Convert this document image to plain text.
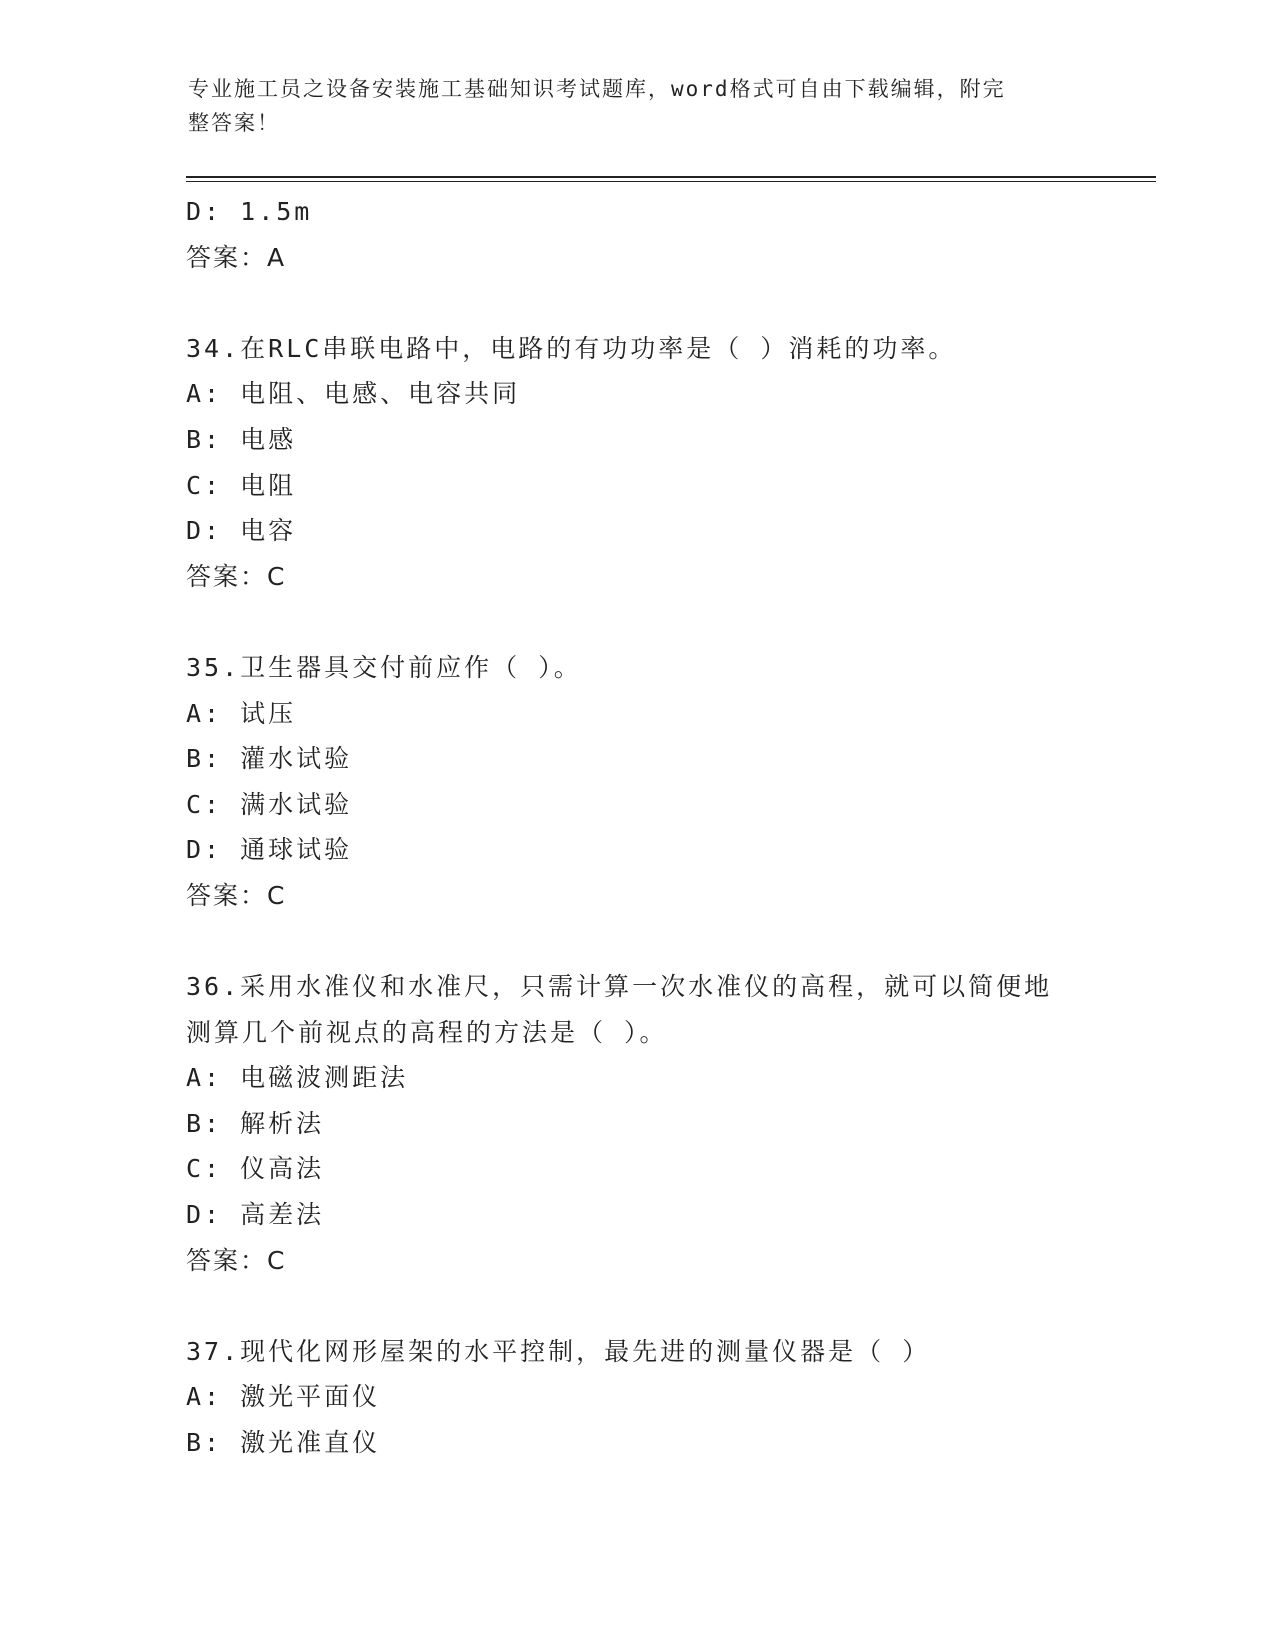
专业施工员之设备安装施工基础知识考试题库，word格式可自由下载编辑，附完
整答案！
D: 1.5m
答案：A
34.在RLC串联电路中，电路的有功功率是（ ）消耗的功率。
A: 电阻、电感、电容共同
B: 电感
C: 电阻
D: 电容
答案：C
35.卫生器具交付前应作（ ）。
A: 试压
B: 灌水试验
C: 满水试验
D: 通球试验
答案：C
36.采用水准仪和水准尺，只需计算一次水准仪的高程，就可以简便地
测算几个前视点的高程的方法是（ ）。
A: 电磁波测距法
B: 解析法
C: 仪高法
D: 高差法
答案：C
37.现代化网形屋架的水平控制，最先进的测量仪器是（ ）
A: 激光平面仪
B: 激光准直仪
